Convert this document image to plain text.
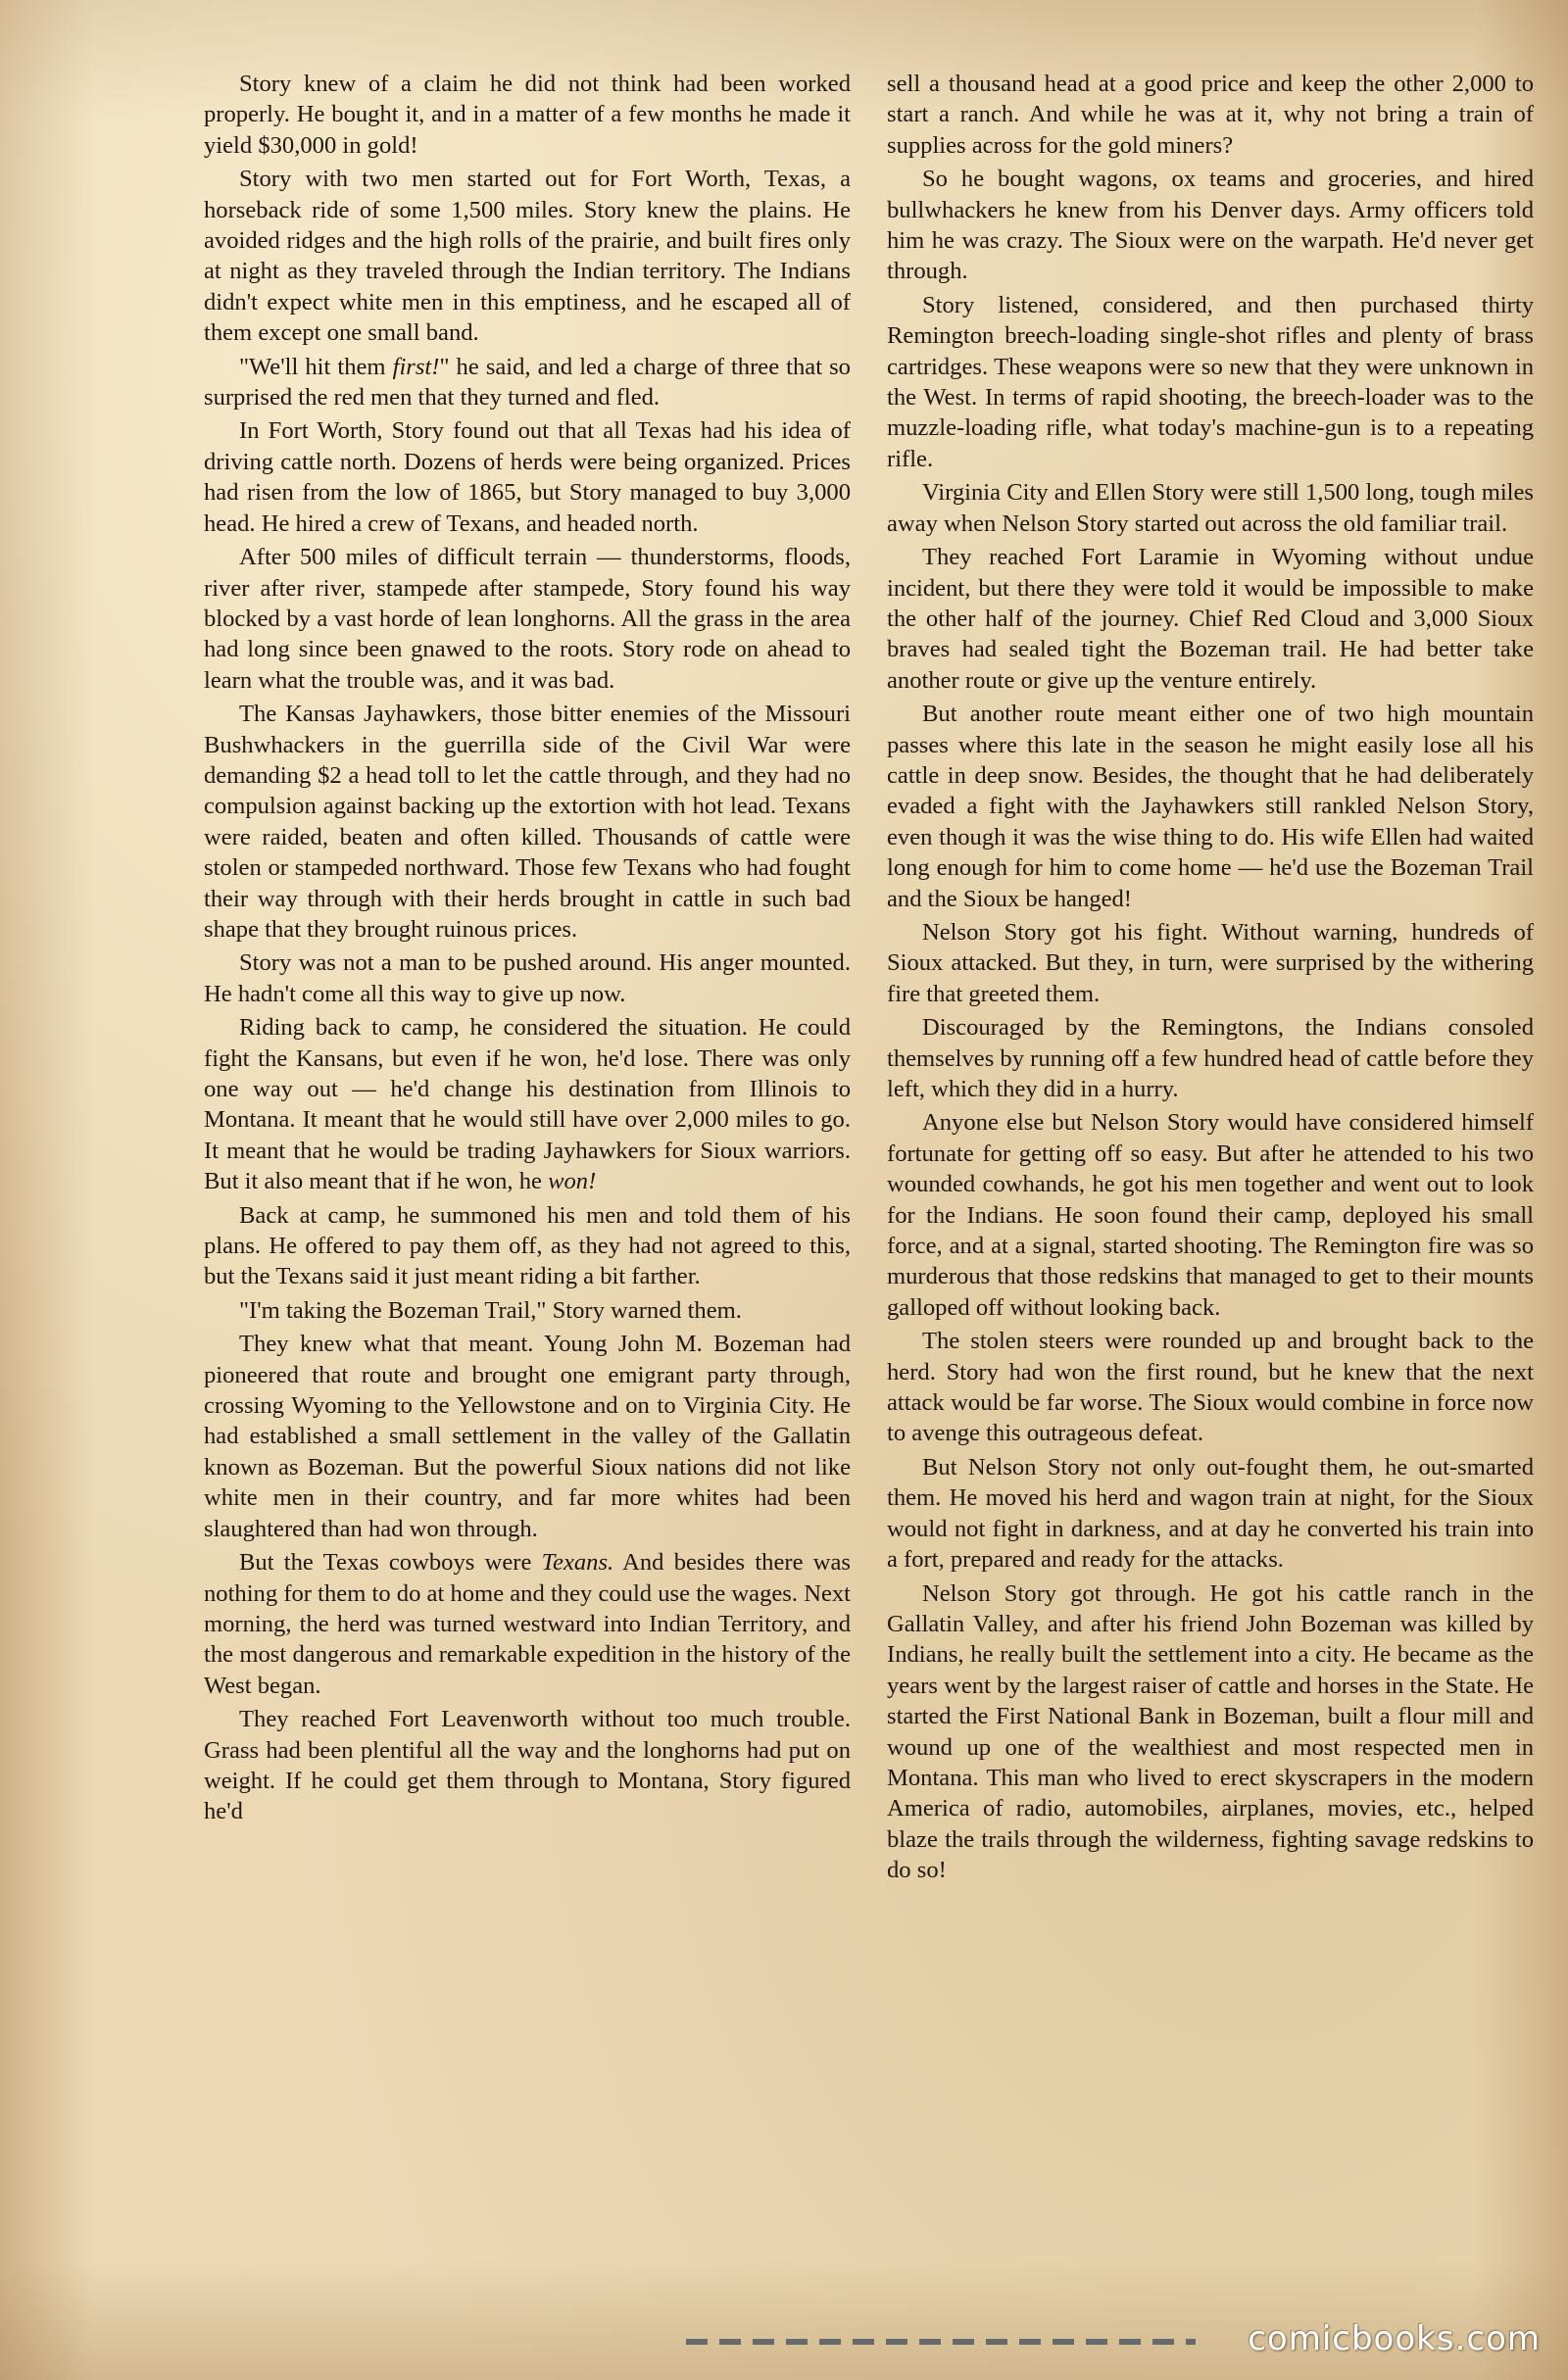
Story knew of a claim he did not think had been worked properly. He bought it, and in a matter of a few months he made it yield $30,000 in gold!

Story with two men started out for Fort Worth, Texas, a horseback ride of some 1,500 miles. Story knew the plains. He avoided ridges and the high rolls of the prairie, and built fires only at night as they traveled through the Indian territory. The Indians didn't expect white men in this emptiness, and he escaped all of them except one small band.

"We'll hit them first!" he said, and led a charge of three that so surprised the red men that they turned and fled.

In Fort Worth, Story found out that all Texas had his idea of driving cattle north. Dozens of herds were being organized. Prices had risen from the low of 1865, but Story managed to buy 3,000 head. He hired a crew of Texans, and headed north.

After 500 miles of difficult terrain — thunderstorms, floods, river after river, stampede after stampede, Story found his way blocked by a vast horde of lean longhorns. All the grass in the area had long since been gnawed to the roots. Story rode on ahead to learn what the trouble was, and it was bad.

The Kansas Jayhawkers, those bitter enemies of the Missouri Bushwhackers in the guerrilla side of the Civil War were demanding $2 a head toll to let the cattle through, and they had no compulsion against backing up the extortion with hot lead. Texans were raided, beaten and often killed. Thousands of cattle were stolen or stampeded northward. Those few Texans who had fought their way through with their herds brought in cattle in such bad shape that they brought ruinous prices.

Story was not a man to be pushed around. His anger mounted. He hadn't come all this way to give up now.

Riding back to camp, he considered the situation. He could fight the Kansans, but even if he won, he'd lose. There was only one way out — he'd change his destination from Illinois to Montana. It meant that he would still have over 2,000 miles to go. It meant that he would be trading Jayhawkers for Sioux warriors. But it also meant that if he won, he won!

Back at camp, he summoned his men and told them of his plans. He offered to pay them off, as they had not agreed to this, but the Texans said it just meant riding a bit farther.

"I'm taking the Bozeman Trail," Story warned them.

They knew what that meant. Young John M. Bozeman had pioneered that route and brought one emigrant party through, crossing Wyoming to the Yellowstone and on to Virginia City. He had established a small settlement in the valley of the Gallatin known as Bozeman. But the powerful Sioux nations did not like white men in their country, and far more whites had been slaughtered than had won through.

But the Texas cowboys were Texans. And besides there was nothing for them to do at home and they could use the wages. Next morning, the herd was turned westward into Indian Territory, and the most dangerous and remarkable expedition in the history of the West began.

They reached Fort Leavenworth without too much trouble. Grass had been plentiful all the way and the longhorns had put on weight. If he could get them through to Montana, Story figured he'd

sell a thousand head at a good price and keep the other 2,000 to start a ranch. And while he was at it, why not bring a train of supplies across for the gold miners?

So he bought wagons, ox teams and groceries, and hired bullwhackers he knew from his Denver days. Army officers told him he was crazy. The Sioux were on the warpath. He'd never get through.

Story listened, considered, and then purchased thirty Remington breech-loading single-shot rifles and plenty of brass cartridges. These weapons were so new that they were unknown in the West. In terms of rapid shooting, the breech-loader was to the muzzle-loading rifle, what today's machine-gun is to a repeating rifle.

Virginia City and Ellen Story were still 1,500 long, tough miles away when Nelson Story started out across the old familiar trail.

They reached Fort Laramie in Wyoming without undue incident, but there they were told it would be impossible to make the other half of the journey. Chief Red Cloud and 3,000 Sioux braves had sealed tight the Bozeman trail. He had better take another route or give up the venture entirely.

But another route meant either one of two high mountain passes where this late in the season he might easily lose all his cattle in deep snow. Besides, the thought that he had deliberately evaded a fight with the Jayhawkers still rankled Nelson Story, even though it was the wise thing to do. His wife Ellen had waited long enough for him to come home — he'd use the Bozeman Trail and the Sioux be hanged!

Nelson Story got his fight. Without warning, hundreds of Sioux attacked. But they, in turn, were surprised by the withering fire that greeted them.

Discouraged by the Remingtons, the Indians consoled themselves by running off a few hundred head of cattle before they left, which they did in a hurry.

Anyone else but Nelson Story would have considered himself fortunate for getting off so easy. But after he attended to his two wounded cowhands, he got his men together and went out to look for the Indians. He soon found their camp, deployed his small force, and at a signal, started shooting. The Remington fire was so murderous that those redskins that managed to get to their mounts galloped off without looking back.

The stolen steers were rounded up and brought back to the herd. Story had won the first round, but he knew that the next attack would be far worse. The Sioux would combine in force now to avenge this outrageous defeat.

But Nelson Story not only out-fought them, he out-smarted them. He moved his herd and wagon train at night, for the Sioux would not fight in darkness, and at day he converted his train into a fort, prepared and ready for the attacks.

Nelson Story got through. He got his cattle ranch in the Gallatin Valley, and after his friend John Bozeman was killed by Indians, he really built the settlement into a city. He became as the years went by the largest raiser of cattle and horses in the State. He started the First National Bank in Bozeman, built a flour mill and wound up one of the wealthiest and most respected men in Montana. This man who lived to erect skyscrapers in the modern America of radio, automobiles, airplanes, movies, etc., helped blaze the trails through the wilderness, fighting savage redskins to do so!

comicbooks.com
